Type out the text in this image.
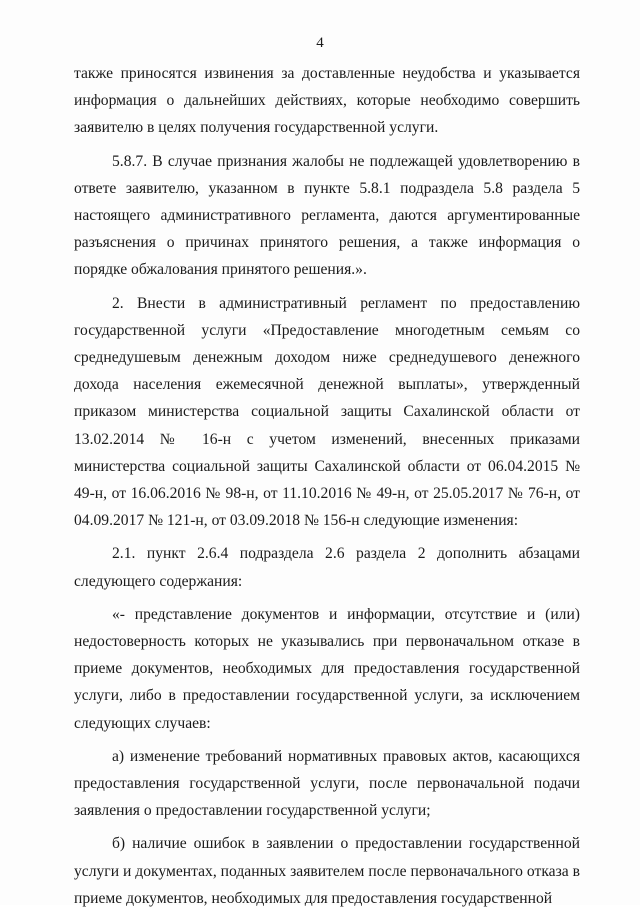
4

также приносятся извинения за доставленные неудобства и указывается информация о дальнейших действиях, которые необходимо совершить заявителю в целях получения государственной услуги.

5.8.7. В случае признания жалобы не подлежащей удовлетворению в ответе заявителю, указанном в пункте 5.8.1 подраздела 5.8 раздела 5 настоящего административного регламента, даются аргументированные разъяснения о причинах принятого решения, а также информация о порядке обжалования принятого решения.».

2. Внести в административный регламент по предоставлению государственной услуги «Предоставление многодетным семьям со среднедушевым денежным доходом ниже среднедушевого денежного дохода населения ежемесячной денежной выплаты», утвержденный приказом министерства социальной защиты Сахалинской области от 13.02.2014 № 16-н с учетом изменений, внесенных приказами министерства социальной защиты Сахалинской области от 06.04.2015 № 49-н, от 16.06.2016 № 98-н, от 11.10.2016 № 49-н, от 25.05.2017 № 76-н, от 04.09.2017 № 121-н, от 03.09.2018 № 156-н следующие изменения:

2.1. пункт 2.6.4 подраздела 2.6 раздела 2 дополнить абзацами следующего содержания:

«- представление документов и информации, отсутствие и (или) недостоверность которых не указывались при первоначальном отказе в приеме документов, необходимых для предоставления государственной услуги, либо в предоставлении государственной услуги, за исключением следующих случаев:

а) изменение требований нормативных правовых актов, касающихся предоставления государственной услуги, после первоначальной подачи заявления о предоставлении государственной услуги;

б) наличие ошибок в заявлении о предоставлении государственной услуги и документах, поданных заявителем после первоначального отказа в приеме документов, необходимых для предоставления государственной
